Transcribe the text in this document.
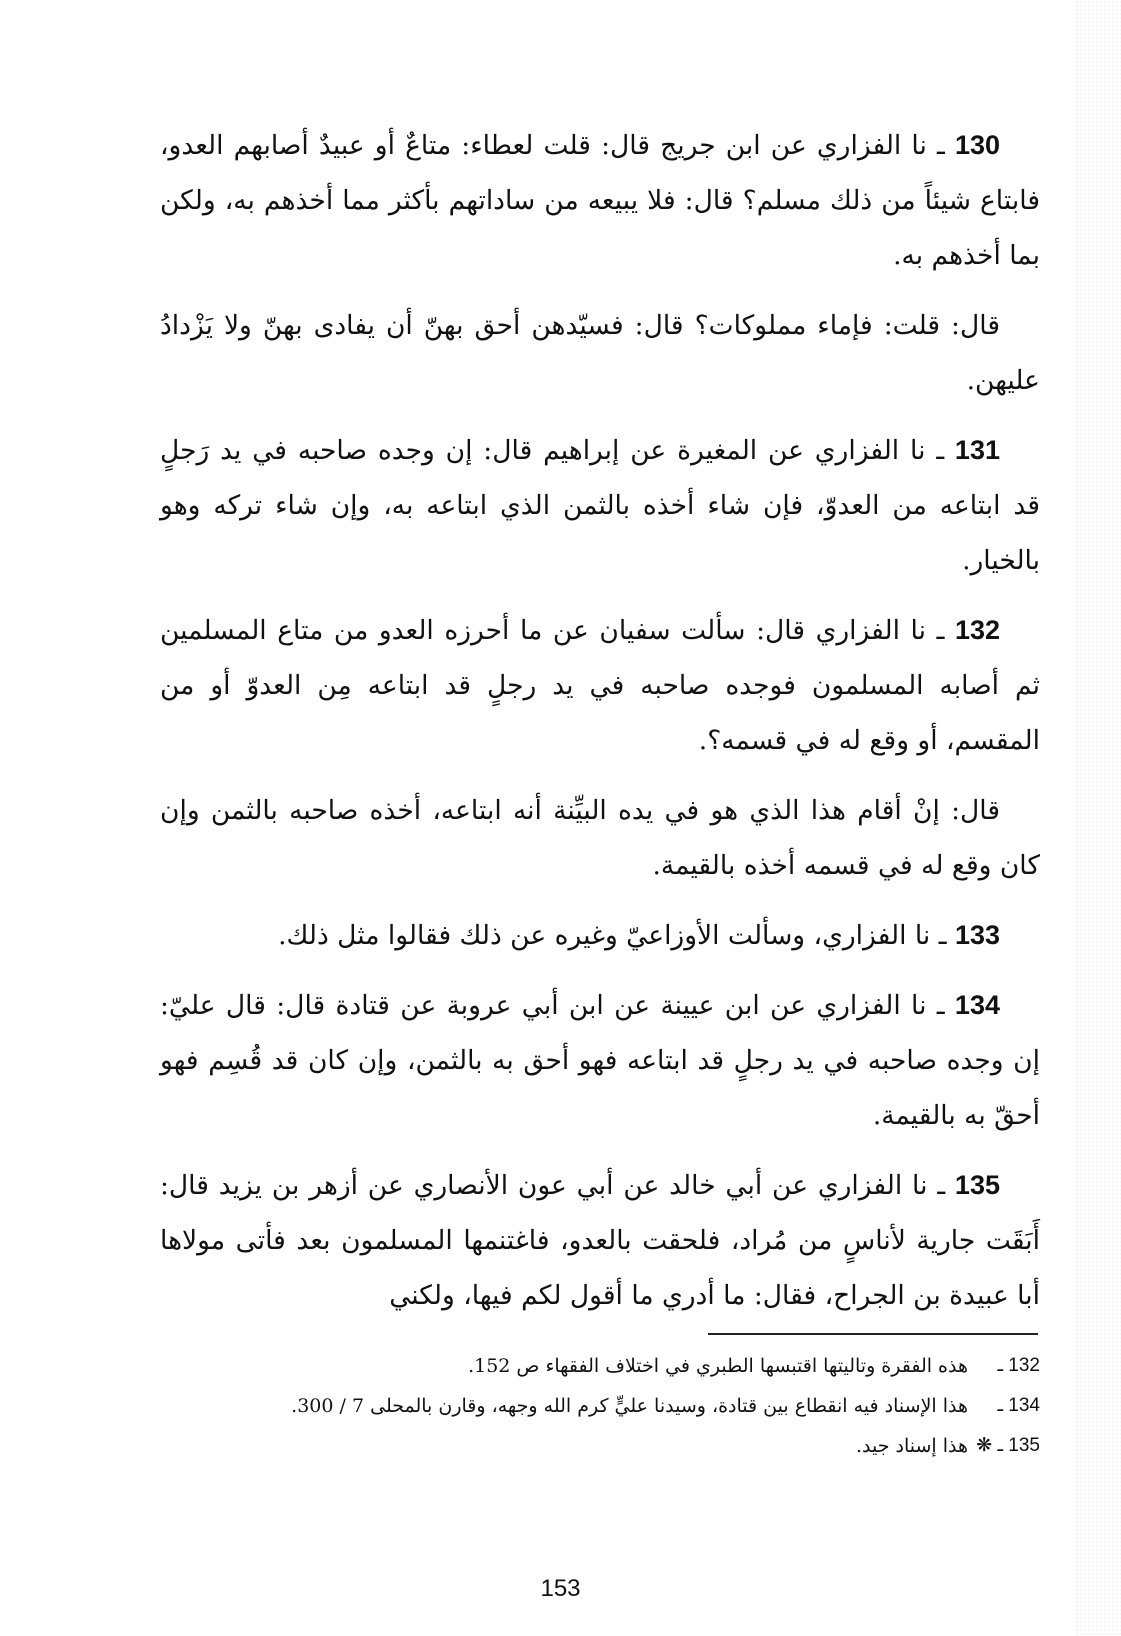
130 ـ نا الفزاري عن ابن جريج قال: قلت لعطاء: متاعٌ أو عبيدٌ أصابهم العدو، فابتاع شيئاً من ذلك مسلم؟ قال: فلا يبيعه من ساداتهم بأكثر مما أخذهم به، ولكن بما أخذهم به.

قال: قلت: فإماء مملوكات؟ قال: فسيّدهن أحق بهنّ أن يفادى بهنّ ولا يَزْدادُ عليهن.

131 ـ نا الفزاري عن المغيرة عن إبراهيم قال: إن وجده صاحبه في يد رَجلٍ قد ابتاعه من العدوّ، فإن شاء أخذه بالثمن الذي ابتاعه به، وإن شاء تركه وهو بالخيار.

132 ـ نا الفزاري قال: سألت سفيان عن ما أحرزه العدو من متاع المسلمين ثم أصابه المسلمون فوجده صاحبه في يد رجلٍ قد ابتاعه مِن العدوّ أو من المقسم، أو وقع له في قسمه؟.

قال: إنْ أقام هذا الذي هو في يده البيِّنة أنه ابتاعه، أخذه صاحبه بالثمن وإن كان وقع له في قسمه أخذه بالقيمة.

133 ـ نا الفزاري، وسألت الأوزاعيّ وغيره عن ذلك فقالوا مثل ذلك.

134 ـ نا الفزاري عن ابن عيينة عن ابن أبي عروبة عن قتادة قال: قال عليّ: إن وجده صاحبه في يد رجلٍ قد ابتاعه فهو أحق به بالثمن، وإن كان قد قُسِم فهو أحقّ به بالقيمة.

135 ـ نا الفزاري عن أبي خالد عن أبي عون الأنصاري عن أزهر بن يزيد قال: أَبَقَت جارية لأناسٍ من مُراد، فلحقت بالعدو، فاغتنمها المسلمون بعد فأتى مولاها أبا عبيدة بن الجراح، فقال: ما أدري ما أقول لكم فيها، ولكني

132 ـ
هذه الفقرة وتاليتها اقتبسها الطبري في اختلاف الفقهاء ص 152.
134 ـ
هذا الإسناد فيه انقطاع بين قتادة، وسيدنا عليٍّ كرم الله وجهه، وقارن بالمحلى 7 / 300.
135 ـ ❋
هذا إسناد جيد.
153
